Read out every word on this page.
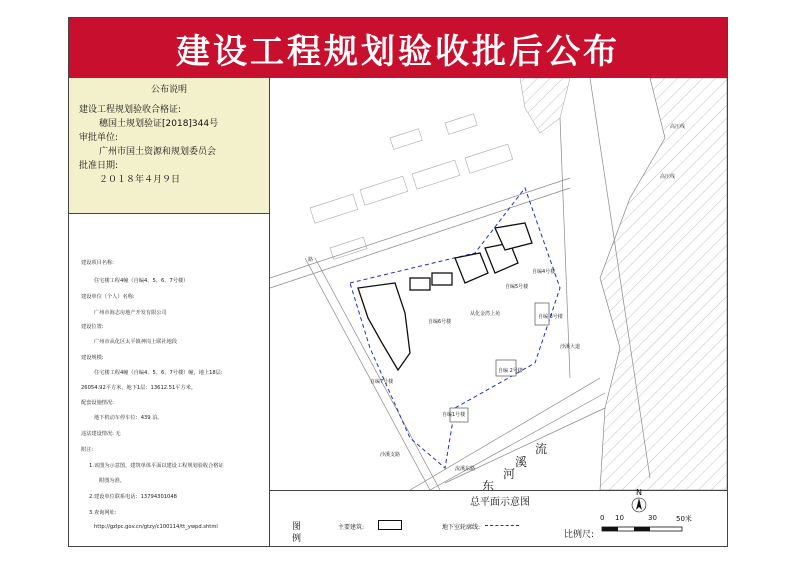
建设工程规划验收批后公布
公布说明
建设工程规划验收合格证:
穗国土规划验证[2018]344号
审批单位:
广州市国土资源和规划委员会
批准日期:
２０１８年４月９日
建设项目名称:
住宅楼工程4幢（自编4、5、6、7号楼）
建设单位（个人）名称:
广州市海志房地产开发有限公司
建设位置:
广州市从化区太平镇神岗上联社地段
建设规模:
住宅楼工程4幢（自编4、5、6、7号楼）幢，地上18层:
26054.92平方米，地下1层：13612.51平方米。
配套设施情况:
地下机动车停车位：439 泊。
违法建设情况: 无
附注:
1.该图为示意图，建筑单体平面以建设工程规划验收合格证
附图为准。
2.建设单位联系电话：13794301048
3.查询网址:
http://gzlpc.gov.cn/gtzy/c100114/tt_ywpd.shtml
从化金湾上苑
自编6号楼
自编7号楼
自编5号楼
自编4号楼
自编 3号楼
自编 2号楼
自编1号楼
高压线
高压线
路
沙溪大道
沙溪支路
流溪东路
流
溪
河
东
总平面示意图
图
例
主要建筑:	地下室轮廓线:
比例尺:
0 10	30	50米
N
